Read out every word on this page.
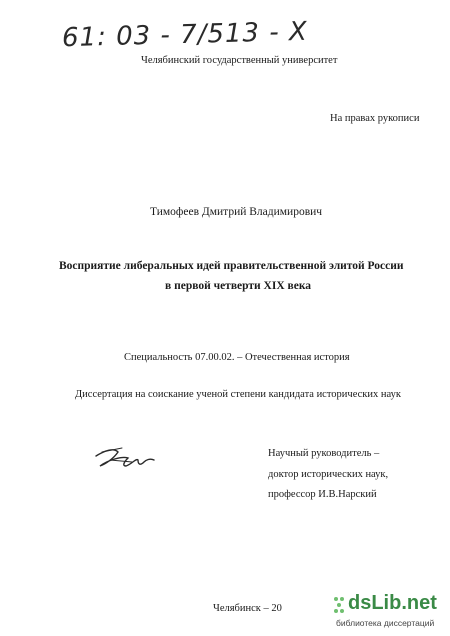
61: 03 - 7/513 - X
Челябинский государственный университет
На правах рукописи
Тимофеев Дмитрий Владимирович
Восприятие либеральных идей правительственной элитой России
в первой четверти XIX века
Специальность 07.00.02. – Отечественная история
Диссертация на соискание ученой степени кандидата исторических наук
Научный руководитель –
доктор исторических наук,
профессор И.В.Нарский
Челябинск – 20	dsLib.net
библиотека диссертаций
